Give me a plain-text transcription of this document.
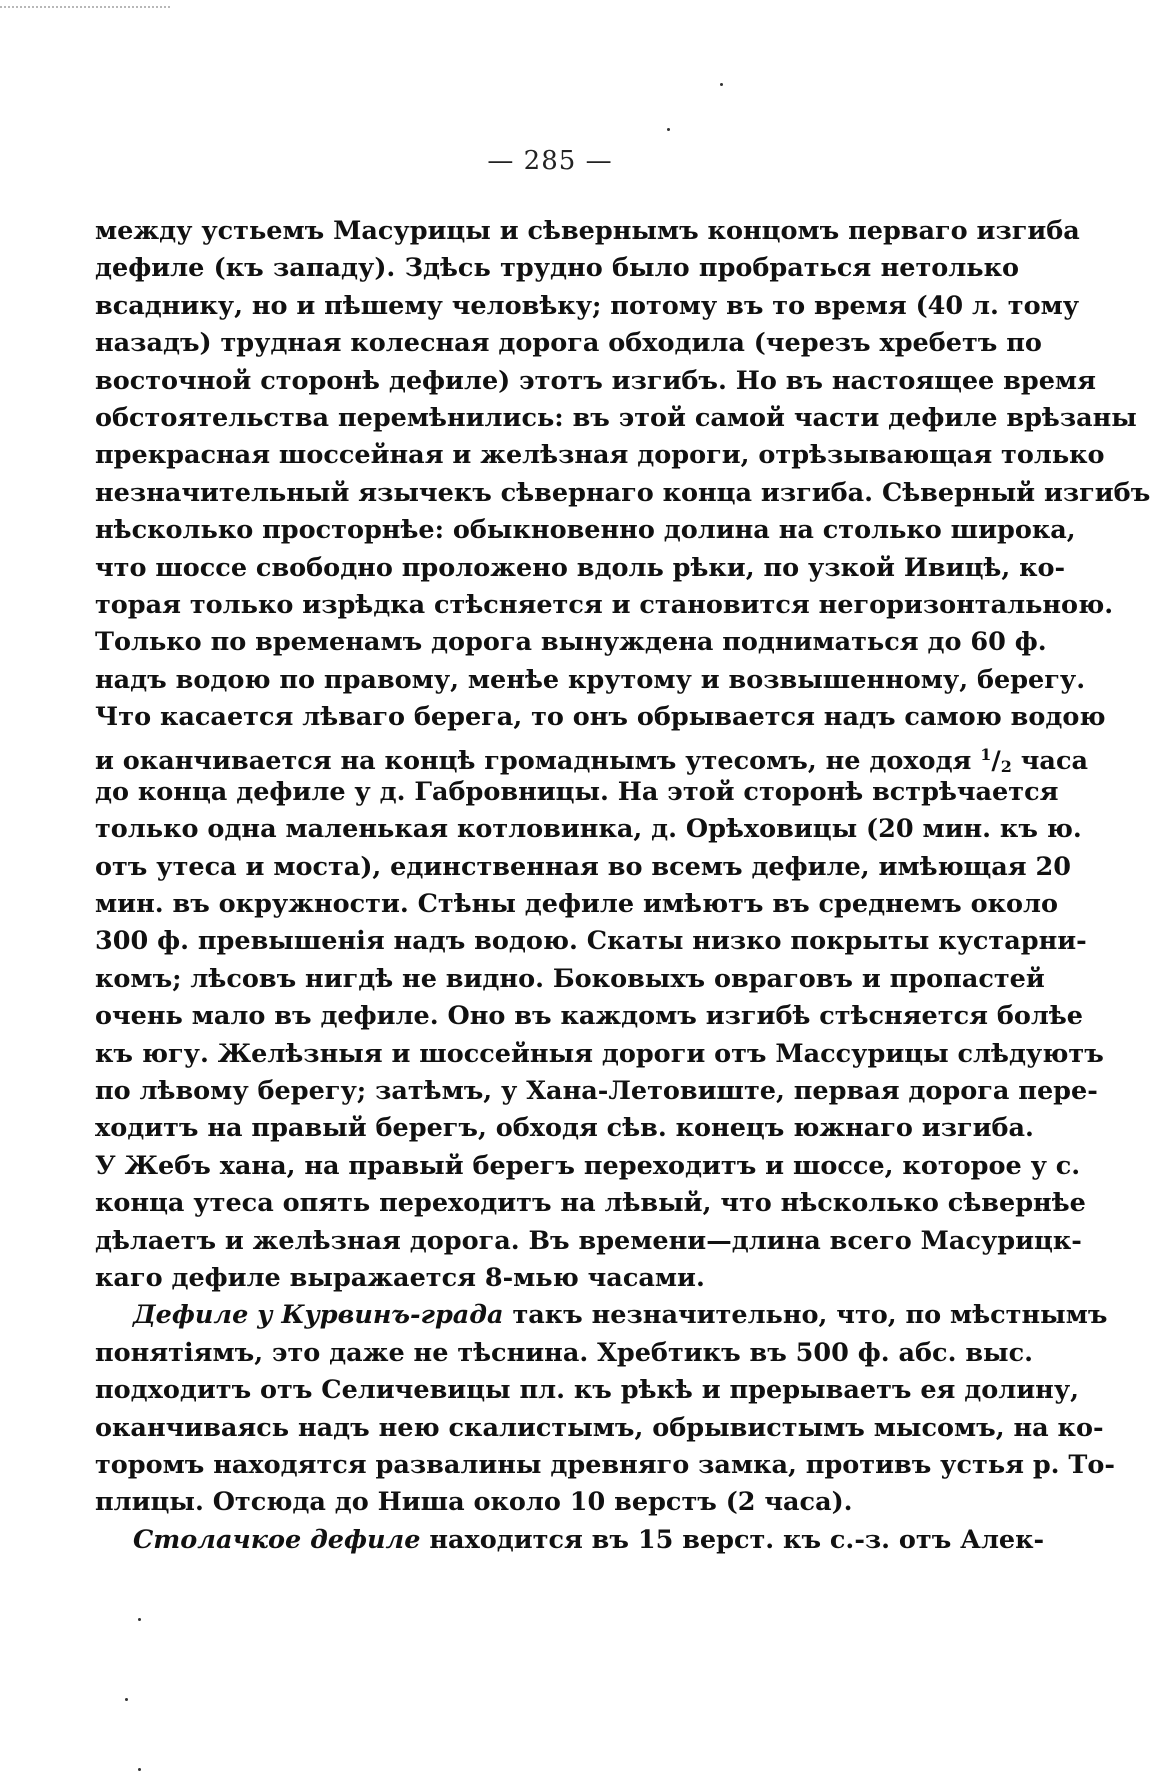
— 285 —
между устьемъ Масурицы и сѣвернымъ концомъ перваго изгиба
дефиле (къ западу). Здѣсь трудно было пробраться нетолько
всаднику, но и пѣшему человѣку; потому въ то время (40 л. тому
назадъ) трудная колесная дорога обходила (черезъ хребетъ по
восточной сторонѣ дефиле) этотъ изгибъ. Но въ настоящее время
обстоятельства перемѣнились: въ этой самой части дефиле врѣзаны
прекрасная шоссейная и желѣзная дороги, отрѣзывающая только
незначительный язычекъ сѣвернаго конца изгиба. Сѣверный изгибъ
нѣсколько просторнѣе: обыкновенно долина на столько широка,
что шоссе свободно проложено вдоль рѣки, по узкой Ивицѣ, ко-
торая только изрѣдка стѣсняется и становится негоризонтальною.
Только по временамъ дорога вынуждена подниматься до 60 ф.
надъ водою по правому, менѣе крутому и возвышенному, берегу.
Что касается лѣваго берега, то онъ обрывается надъ самою водою
и оканчивается на концѣ громаднымъ утесомъ, не доходя $^1$/2 часа
до конца дефиле у д. Габровницы. На этой сторонѣ встрѣчается
только одна маленькая котловинка, д. Орѣховицы (20 мин. къ ю.
отъ утеса и моста), единственная во всемъ дефиле, имѣющая 20
мин. въ окружности. Стѣны дефиле имѣютъ въ среднемъ около
300 ф. превышенія надъ водою. Скаты низко покрыты кустарни-
комъ; лѣсовъ нигдѣ не видно. Боковыхъ овраговъ и пропастей
очень мало въ дефиле. Оно въ каждомъ изгибѣ стѣсняется болѣе
къ югу. Желѣзныя и шоссейныя дороги отъ Массурицы слѣдуютъ
по лѣвому берегу; затѣмъ, у Хана-Летовиште, первая дорога пере-
ходитъ на правый берегъ, обходя сѣв. конецъ южнаго изгиба.
У Жебъ хана, на правый берегъ переходитъ и шоссе, которое у с.
конца утеса опять переходитъ на лѣвый, что нѣсколько сѣвернѣе
дѣлаетъ и желѣзная дорога. Въ времени—длина всего Масурицк-
каго дефиле выражается 8-мью часами.
Дефиле у Курвинъ-града такъ незначительно, что, по мѣстнымъ
понятіямъ, это даже не тѣснина. Хребтикъ въ 500 ф. абс. выс.
подходитъ отъ Селичевицы пл. къ рѣкѣ и прерываетъ ея долину,
оканчиваясь надъ нею скалистымъ, обрывистымъ мысомъ, на ко-
торомъ находятся развалины древняго замка, противъ устья р. То-
плицы. Отсюда до Ниша около 10 верстъ (2 часа).
Столачкое дефиле находится въ 15 верст. къ с.-з. отъ Алек-
